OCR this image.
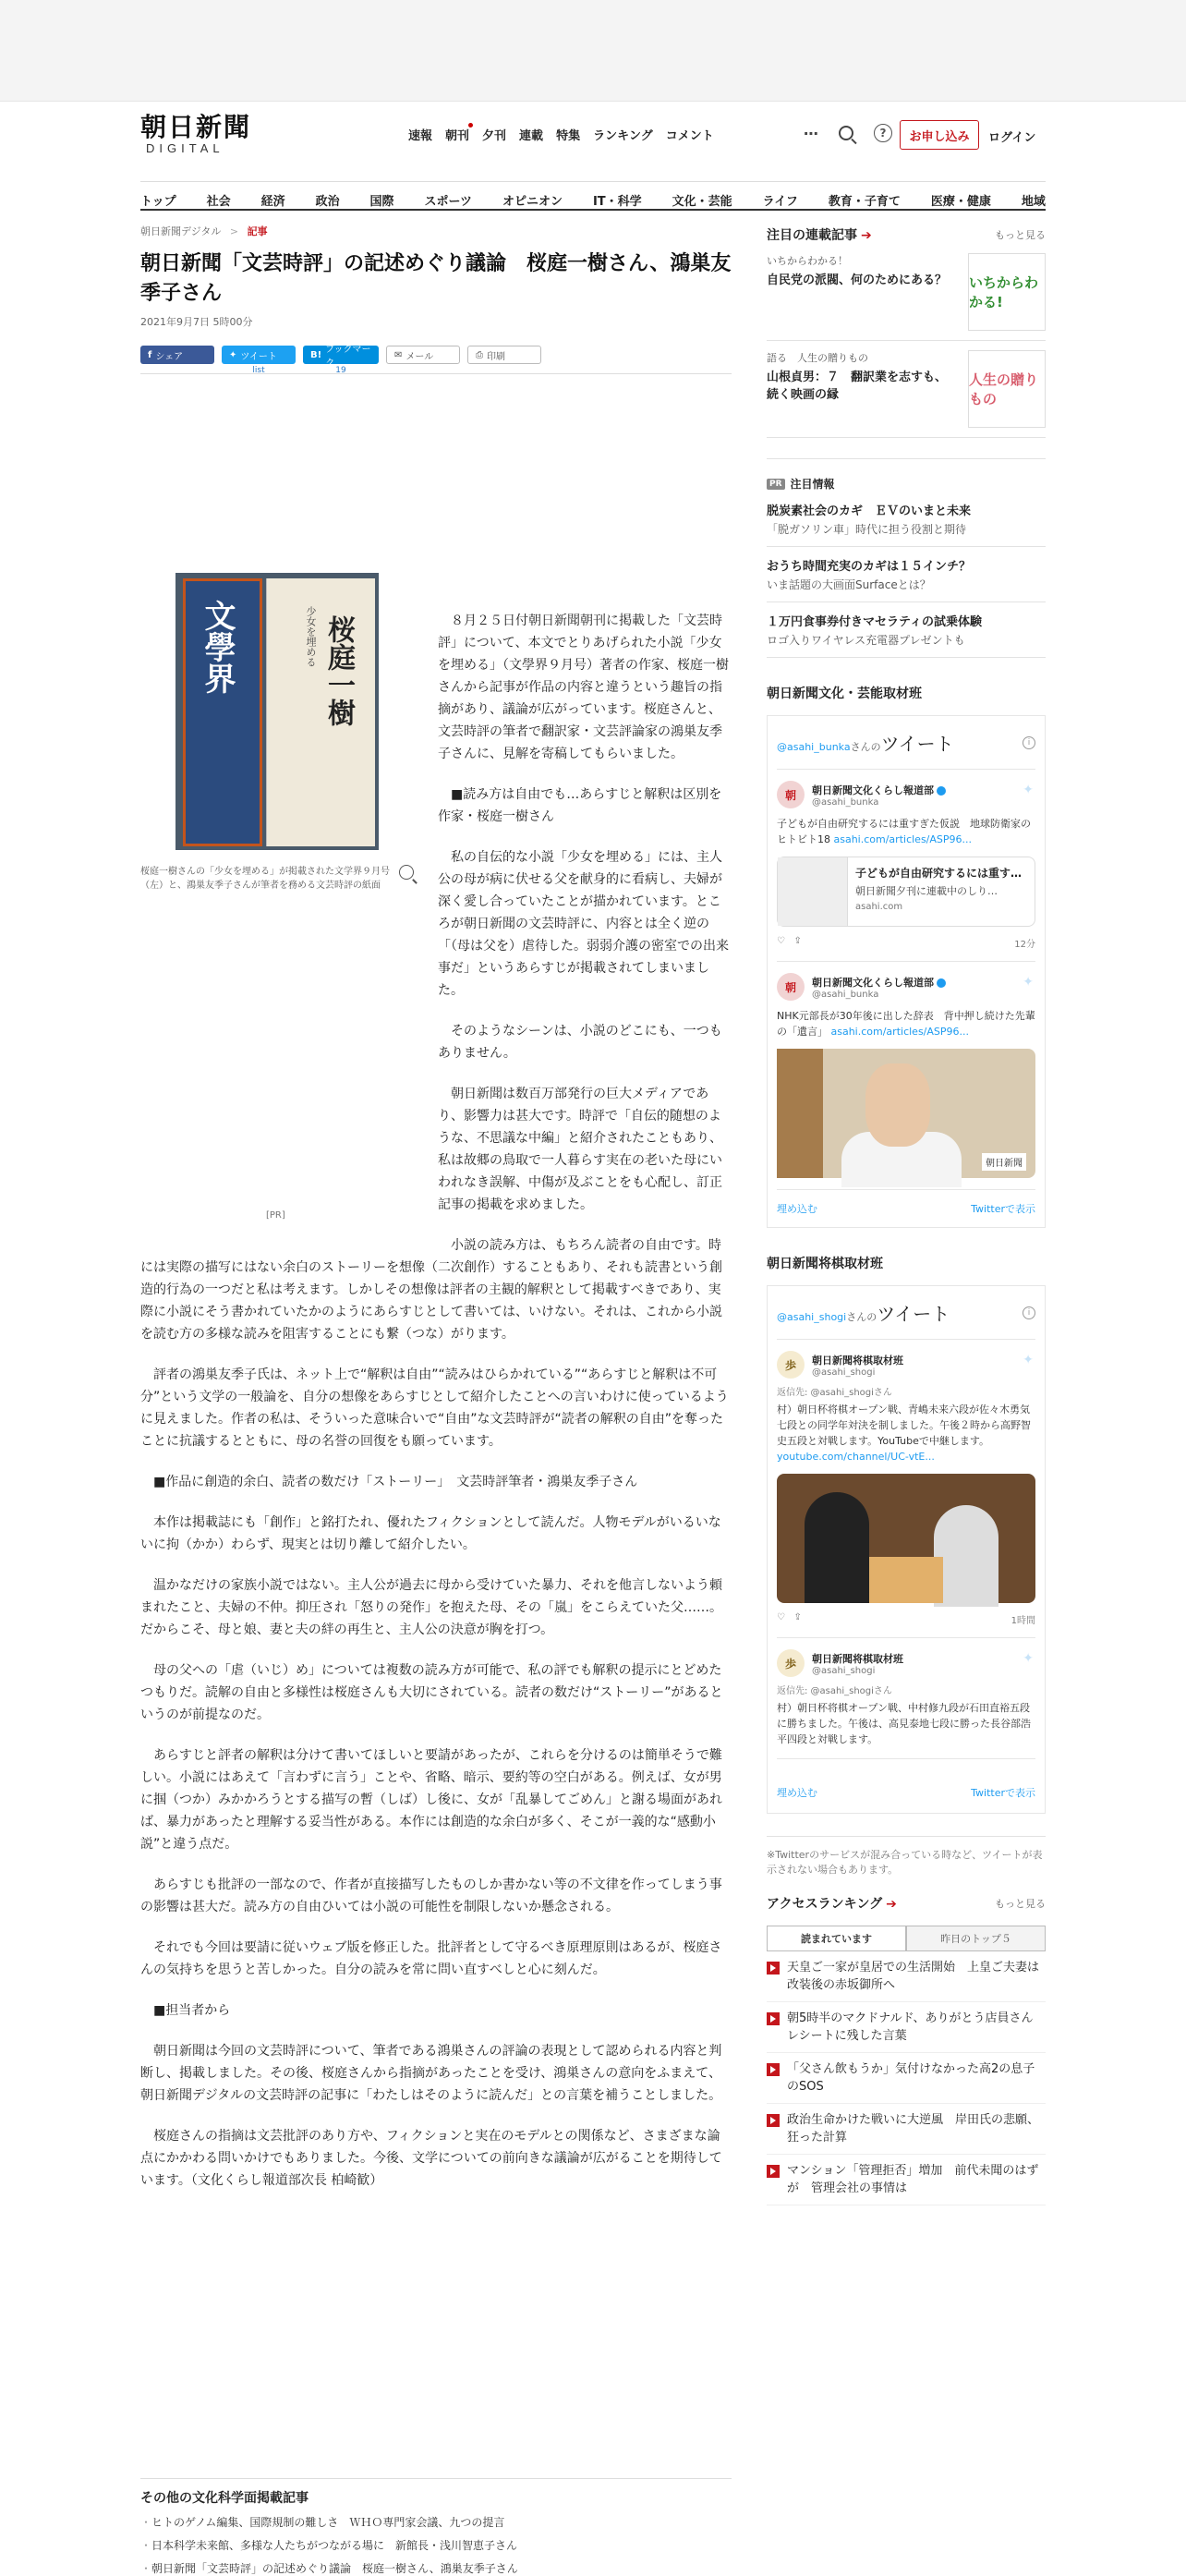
朝日新聞
DIGITAL
速報 朝刊 夕刊 連載 特集 ランキング コメント	⋯	?	お申し込み	ログイン
トップ	社会	経済	政治	国際	スポーツ	オピニオン	IT・科学	文化・芸能	ライフ	教育・子育て	医療・健康	地域
朝日新聞デジタル > 記事
朝日新聞「文芸時評」の記述めぐり議論　桜庭一樹さん、鴻巣友季子さん
2021年9月7日 5時00分
f シェア	✦ ツイート
list
B! ブックマーク
19
✉ メール	⎙ 印刷

８月２５日付朝日新聞朝刊に掲載した「文芸時評」について、本文でとりあげられた小説「少女を埋める」（文學界９月号）著者の作家、桜庭一樹さんから記事が作品の内容と違うという趣旨の指摘があり、議論が広がっています。桜庭さんと、文芸時評の筆者で翻訳家・文芸評論家の鴻巣友季子さんに、見解を寄稿してもらいました。

■読み方は自由でも…あらすじと解釈は区別を　作家・桜庭一樹さん

私の自伝的な小説「少女を埋める」には、主人公の母が病に伏せる父を献身的に看病し、夫婦が深く愛し合っていたことが描かれています。ところが朝日新聞の文芸時評に、内容とは全く逆の「（母は父を）虐待した。弱弱介護の密室での出来事だ」というあらすじが掲載されてしまいました。

そのようなシーンは、小説のどこにも、一つもありません。

朝日新聞は数百万部発行の巨大メディアであり、影響力は甚大です。時評で「自伝的随想のような、不思議な中編」と紹介されたこともあり、私は故郷の鳥取で一人暮らす実在の老いた母にいわれなき誤解、中傷が及ぶことをも心配し、訂正記事の掲載を求めました。

小説の読み方は、もちろん読者の自由です。時には実際の描写にはない余白のストーリーを想像（二次創作）することもあり、それも読書という創造的行為の一つだと私は考えます。しかしその想像は評者の主観的解釈として掲載すべきであり、実際に小説にそう書かれていたかのようにあらすじとして書いては、いけない。それは、これから小説を読む方の多様な読みを阻害することにも繋（つな）がります。

評者の鴻巣友季子氏は、ネット上で“解釈は自由”“読みはひらかれている”“あらすじと解釈は不可分”という文学の一般論を、自分の想像をあらすじとして紹介したことへの言いわけに使っているように見えました。作者の私は、そういった意味合いで“自由”な文芸時評が“読者の解釈の自由”を奪ったことに抗議するとともに、母の名誉の回復をも願っています。

■作品に創造的余白、読者の数だけ「ストーリー」　文芸時評筆者・鴻巣友季子さん

本作は掲載誌にも「創作」と銘打たれ、優れたフィクションとして読んだ。人物モデルがいるいないに拘（かか）わらず、現実とは切り離して紹介したい。

温かなだけの家族小説ではない。主人公が過去に母から受けていた暴力、それを他言しないよう頼まれたこと、夫婦の不仲。抑圧され「怒りの発作」を抱えた母、その「嵐」をこらえていた父……。だからこそ、母と娘、妻と夫の絆の再生と、主人公の決意が胸を打つ。

母の父への「虐（いじ）め」については複数の読み方が可能で、私の評でも解釈の提示にとどめたつもりだ。読解の自由と多様性は桜庭さんも大切にされている。読者の数だけ“ストーリー”があるというのが前提なのだ。

あらすじと評者の解釈は分けて書いてほしいと要請があったが、これらを分けるのは簡単そうで難しい。小説にはあえて「言わずに言う」ことや、省略、暗示、要約等の空白がある。例えば、女が男に掴（つか）みかかろうとする描写の暫（しば）し後に、女が「乱暴してごめん」と謝る場面があれば、暴力があったと理解する妥当性がある。本作には創造的な余白が多く、そこが一義的な“感動小説”と違う点だ。

あらすじも批評の一部なので、作者が直接描写したものしか書かない等の不文律を作ってしまう事の影響は甚大だ。読み方の自由ひいては小説の可能性を制限しないか懸念される。

それでも今回は要請に従いウェブ版を修正した。批評者として守るべき原理原則はあるが、桜庭さんの気持ちを思うと苦しかった。自分の読みを常に問い直すべしと心に刻んだ。

■担当者から

朝日新聞は今回の文芸時評について、筆者である鴻巣さんの評論の表現として認められる内容と判断し、掲載しました。その後、桜庭さんから指摘があったことを受け、鴻巣さんの意向をふまえて、朝日新聞デジタルの文芸時評の記事に「わたしはそのように読んだ」との言葉を補うことしました。

桜庭さんの指摘は文芸批評のあり方や、フィクションと実在のモデルとの関係など、さまざまな論点にかかわる問いかけでもありました。今後、文学についての前向きな議論が広がることを期待しています。（文化くらし報道部次長 柏崎歓）

文學界	桜庭一樹
少女を埋める
桜庭一樹さんの「少女を埋める」が掲載された文学界９月号（左）と、鴻巣友季子さんが筆者を務める文芸時評の紙面
[PR]
その他の文化科学面掲載記事
・ ヒトのゲノム編集、国際規制の難しさ　ＷＨＯ専門家会議、九つの提言
・ 日本科学未来館、多様な人たちがつながる場に　新館長・浅川智恵子さん
・ 朝日新聞「文芸時評」の記述めぐり議論　桜庭一樹さん、鴻巣友季子さん
注目の連載記事 ➔	もっと見る
いちからわかる！
自民党の派閥、何のためにある？	いちからわかる!
語る　人生の贈りもの
山根貞男：７　翻訳業を志すも、続く映画の縁
人生の贈りもの
PR 注目情報
脱炭素社会のカギ　ＥＶのいまと未来
「脱ガソリン車」時代に担う役割と期待
おうち時間充実のカギは１５インチ？
いま話題の大画面Surfaceとは？
１万円食事券付きマセラティの試乗体験
ロゴ入りワイヤレス充電器プレゼントも
朝日新聞文化・芸能取材班
@asahi_bunkaさんのツイート	i
朝	朝日新聞文化くらし報道部
@asahi_bunka
✦
子どもが自由研究するには重すぎた仮説　地球防衛家のヒトビト18 asahi.com/articles/ASP96...
子どもが自由研究するには重す…
朝日新聞夕刊に連載中のしり…
asahi.com
♡ ⇪	12分
朝	朝日新聞文化くらし報道部
@asahi_bunka
✦
NHK元部長が30年後に出した辞表　背中押し続けた先輩の「遺言」 asahi.com/articles/ASP96...
朝日新聞
埋め込む	Twitterで表示
朝日新聞将棋取材班
@asahi_shogiさんのツイート	i
歩	朝日新聞将棋取材班
@asahi_shogi
✦
返信先: @asahi_shogiさん
村）朝日杯将棋オープン戦、青嶋未来六段が佐々木勇気七段との同学年対決を制しました。午後２時から高野智史五段と対戦します。YouTubeで中継します。 youtube.com/channel/UC-vtE...
♡ ⇪	1時間
歩	朝日新聞将棋取材班
@asahi_shogi
✦
返信先: @asahi_shogiさん
村）朝日杯将棋オープン戦、中村修九段が石田直裕五段に勝ちました。午後は、高見泰地七段に勝った長谷部浩平四段と対戦します。
埋め込む	Twitterで表示
※Twitterのサービスが混み合っている時など、ツイートが表示されない場合もあります。
アクセスランキング ➔	もっと見る
読まれています	昨日のトップ５
天皇ご一家が皇居での生活開始　上皇ご夫妻は改装後の赤坂御所へ
朝5時半のマクドナルド、ありがとう店員さん　レシートに残した言葉
「父さん飲もうか」気付けなかった高2の息子のSOS
政治生命かけた戦いに大逆風　岸田氏の悲願、狂った計算
マンション「管理拒否」増加　前代未聞のはずが　管理会社の事情は
